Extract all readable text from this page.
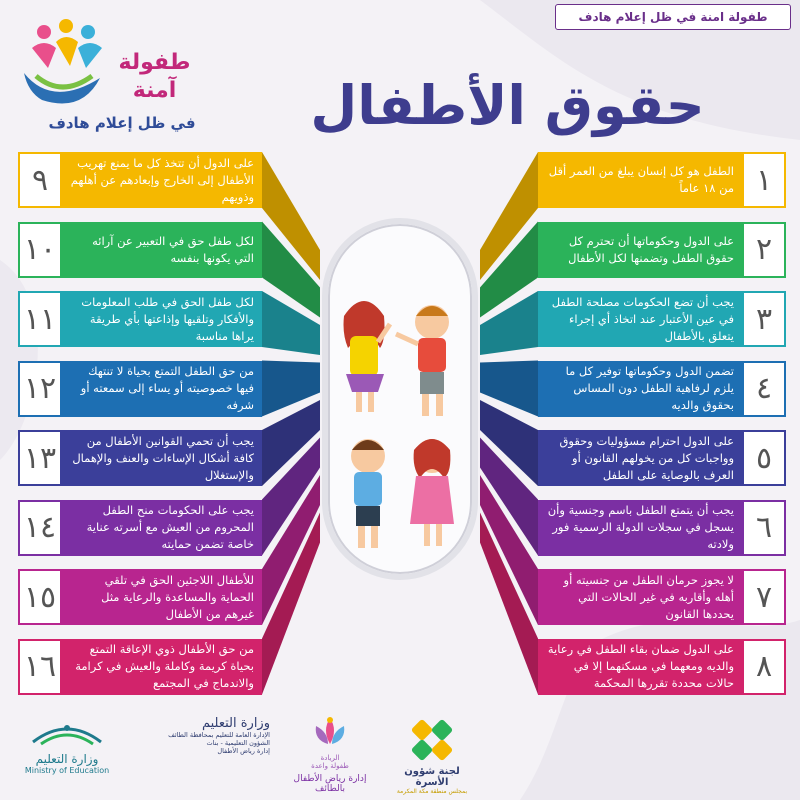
طفولة امنة في ظل إعلام هادف
حقوق الأطفال
طفولة
آمنة
في ظل إعلام هادف
١
الطفل هو كل إنسان يبلغ من العمر أقل من ١٨ عاماً
٢
على الدول وحكوماتها أن تحترم كل حقوق الطفل وتضمنها لكل الأطفال
٣
يجب أن تضع الحكومات مصلحة الطفل في عين الأعتبار عند اتخاذ أي إجراء يتعلق بالأطفال
٤
تضمن الدول وحكوماتها توفير كل ما يلزم لرفاهية الطفل دون المساس بحقوق والديه
٥
على الدول احترام مسؤوليات وحقوق وواجبات كل من يخولهم القانون أو العرف بالوصاية على الطفل
٦
يجب أن يتمتع الطفل باسم وجنسية وأن يسجل في سجلات الدولة الرسمية فور ولادته
٧
لا يجوز حرمان الطفل من جنسيته أو أهله وأقاربه في غير الحالات التي يحددها القانون
٨
على الدول ضمان بقاء الطفل في رعاية والديه ومعهما في مسكنهما إلا في حالات محددة تقررها المحكمة
٩	على الدول أن تتخذ كل ما يمنع تهريب الأطفال إلى الخارج وإبعادهم عن أهلهم وذويهم
١٠	لكل طفل حق في التعبير عن آرائه التي يكونها بنفسه
١١	لكل طفل الحق في طلب المعلومات والأفكار وتلقيها وإذاعتها بأي طريقة يراها مناسبة
١٢	من حق الطفل التمتع بحياة لا تنتهك فيها خصوصيته أو يساء إلى سمعته أو شرفه
١٣	يجب أن تحمي القوانين الأطفال من كافة أشكال الإساءات والعنف والإهمال والإستغلال
١٤	يجب على الحكومات منح الطفل المحروم من العيش مع أسرته عناية خاصة تضمن حمايته
١٥	للأطفال اللاجئين الحق في تلقي الحماية والمساعدة والرعاية مثل غيرهم من الأطفال
١٦	من حق الأطفال ذوي الإعاقة التمتع بحياة كريمة وكاملة والعيش في كرامة والاندماج في المجتمع
لجنة شؤون الأسرة
بمجلس منطقة مكة المكرمة
الريادة
طفولة واعدة
إدارة رياض الأطفال بالطائف
وزارة التعليم
الإدارة العامة للتعليم بمحافظة الطائف
الشؤون التعليمية - بنات
إدارة رياض الأطفال
وزارة التعليم
Ministry of Education
